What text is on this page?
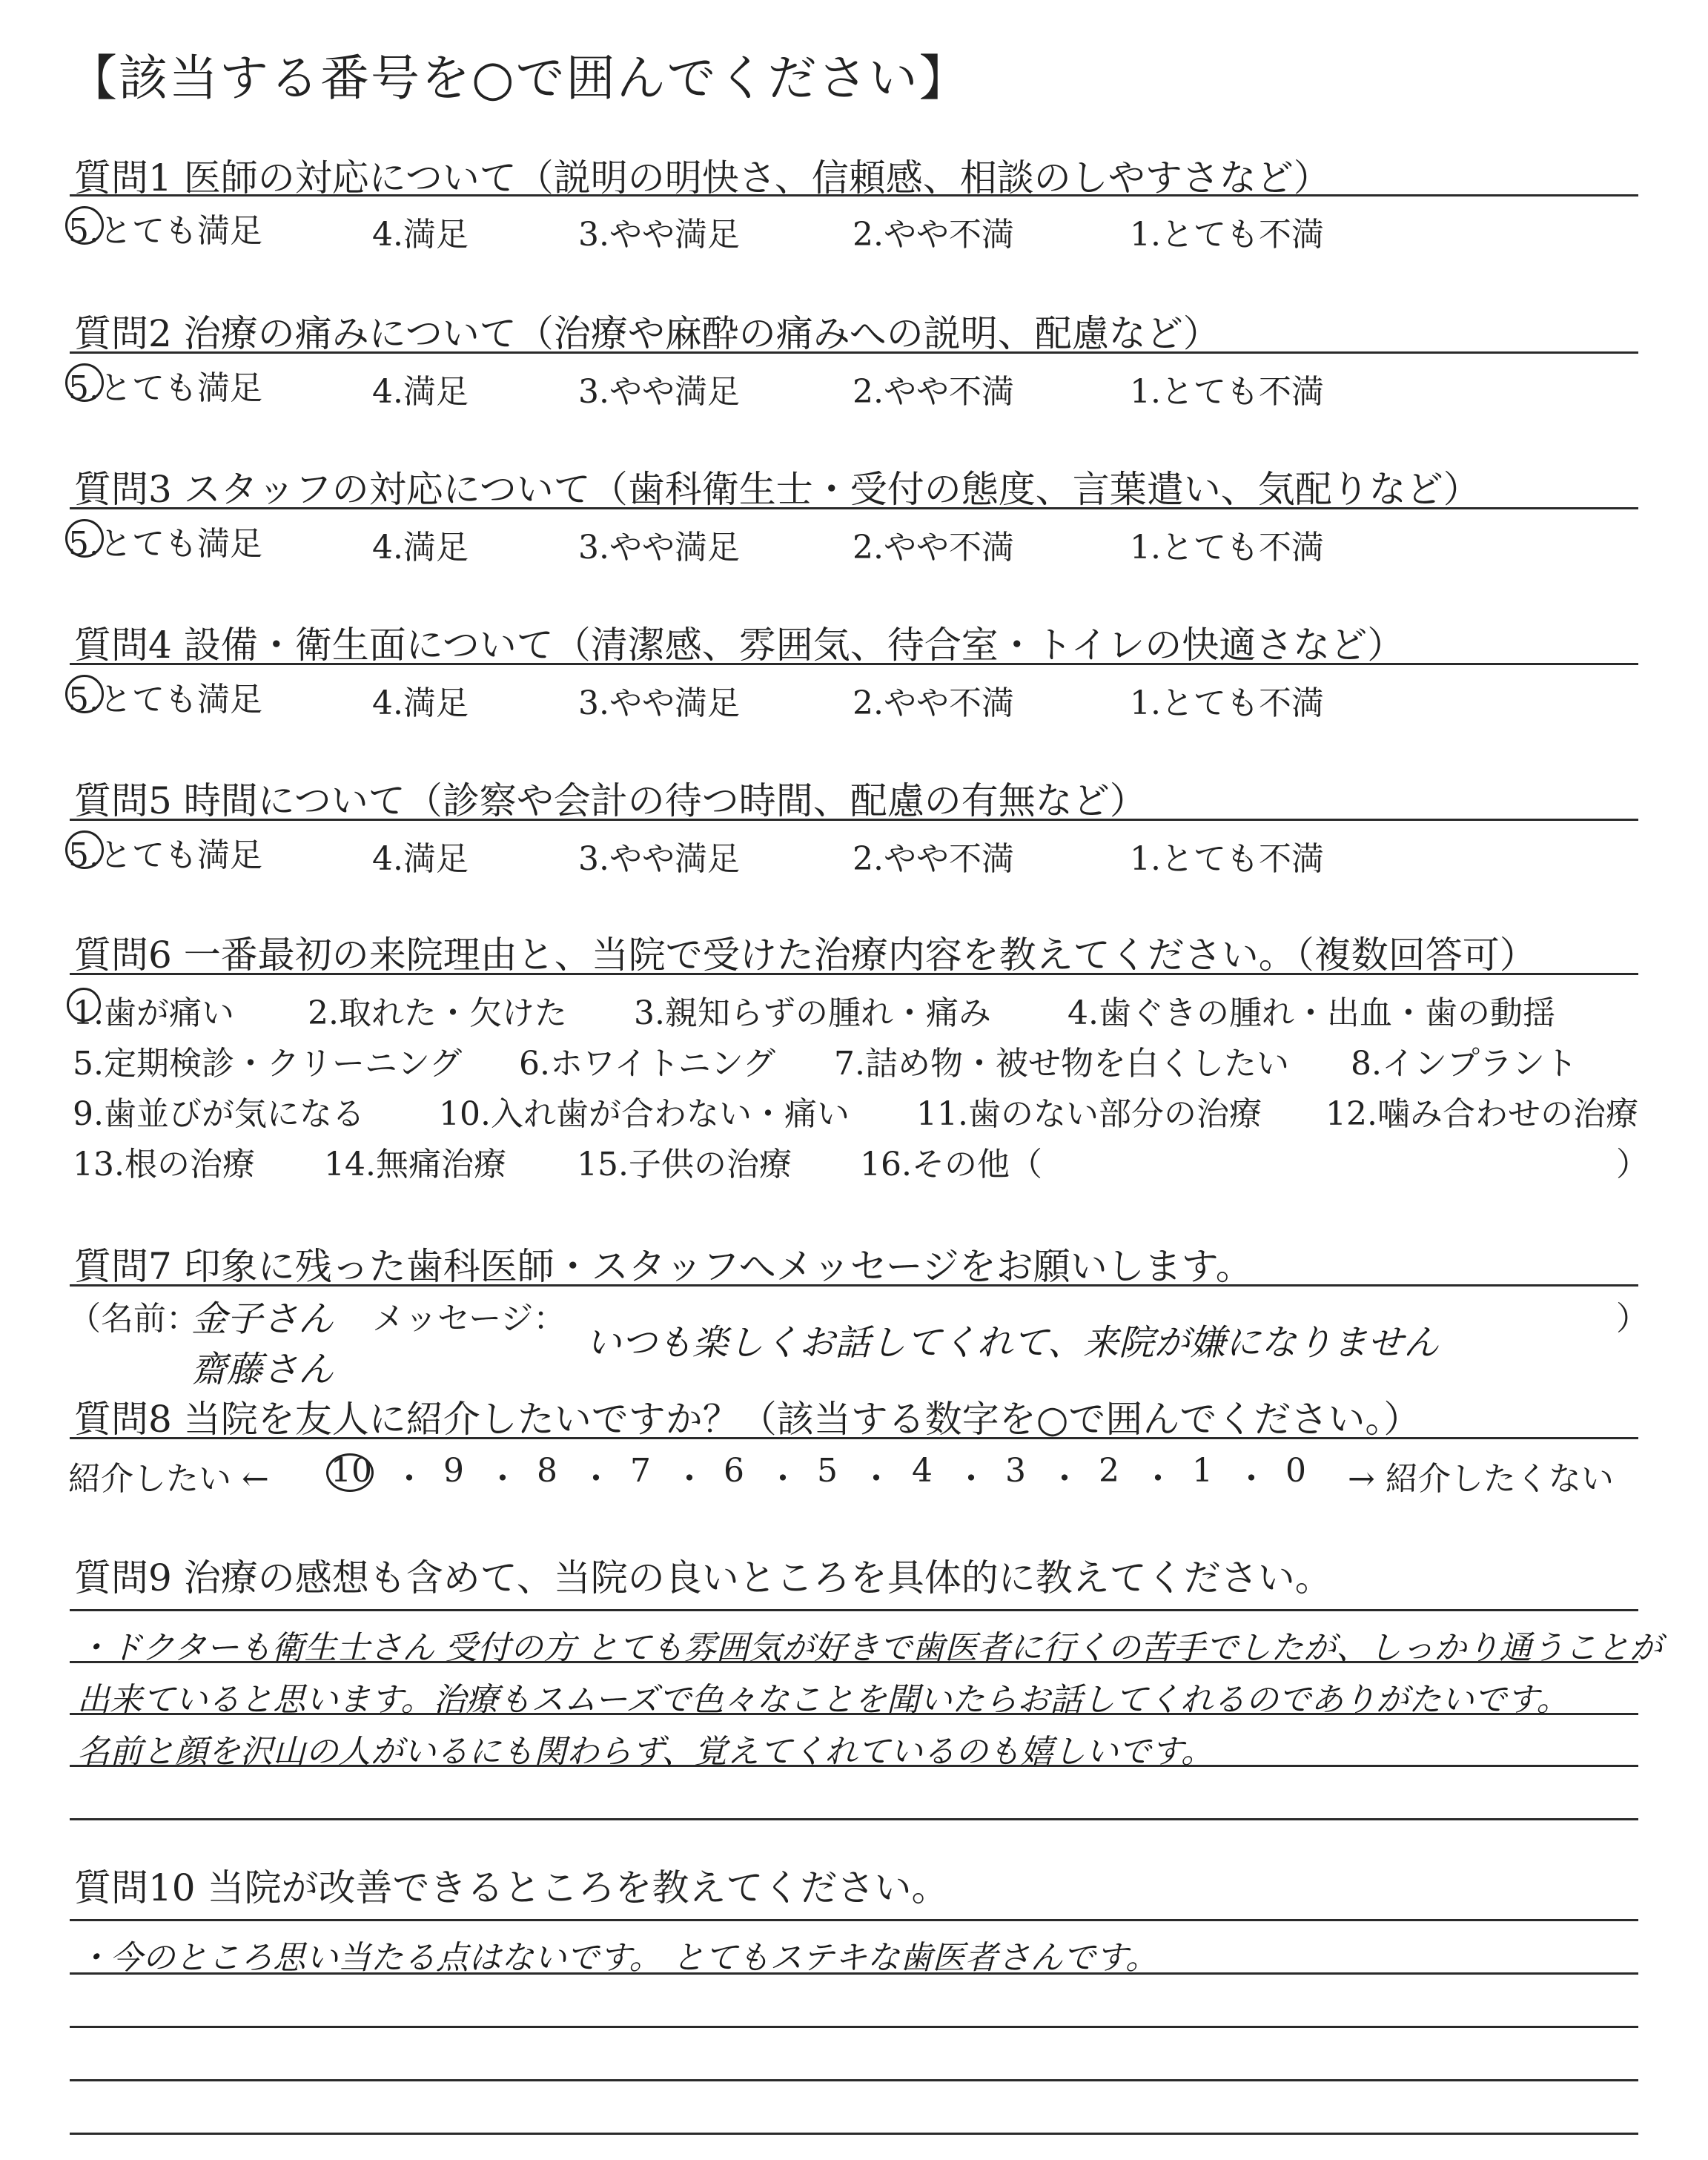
【該当する番号を○で囲んでください】
質問1 医師の対応について（説明の明快さ、信頼感、相談のしやすさなど）
5.とても満足	4.満足	3.やや満足	2.やや不満	1.とても不満
質問2 治療の痛みについて（治療や麻酔の痛みへの説明、配慮など）
5.とても満足	4.満足	3.やや満足	2.やや不満	1.とても不満
質問3 スタッフの対応について（歯科衛生士・受付の態度、言葉遣い、気配りなど）
5.とても満足	4.満足	3.やや満足	2.やや不満	1.とても不満
質問4 設備・衛生面について（清潔感、雰囲気、待合室・トイレの快適さなど）
5.とても満足	4.満足	3.やや満足	2.やや不満	1.とても不満
質問5 時間について（診察や会計の待つ時間、配慮の有無など）
5.とても満足	4.満足	3.やや満足	2.やや不満	1.とても不満
質問6 一番最初の来院理由と、当院で受けた治療内容を教えてください。（複数回答可）
1.歯が痛い 2.取れた・欠けた 3.親知らずの腫れ・痛み 4.歯ぐきの腫れ・出血・歯の動揺
5.定期検診・クリーニング 6.ホワイトニング 7.詰め物・被せ物を白くしたい 8.インプラント
9.歯並びが気になる 10.入れ歯が合わない・痛い 11.歯のない部分の治療 12.噛み合わせの治療
13.根の治療 14.無痛治療 15.子供の治療 16.その他（	）
質問7 印象に残った歯科医師・スタッフへメッセージをお願いします。
（名前：
金子さん
齋藤さん
メッセージ：
いつも楽しくお話してくれて、来院が嫌になりません
）
質問8 当院を友人に紹介したいですか？（該当する数字を○で囲んでください。）
紹介したい ← 10 ・ 9 ・ 8 ・ 7 ・ 6 ・ 5 ・ 4 ・ 3 ・ 2 ・ 1 ・ 0 → 紹介したくない
質問9 治療の感想も含めて、当院の良いところを具体的に教えてください。
・ドクターも衛生士さん 受付の方 とても雰囲気が好きで歯医者に行くの苦手でしたが、しっかり通うことが
出来ていると思います。治療もスムーズで色々なことを聞いたらお話してくれるのでありがたいです。
名前と顔を沢山の人がいるにも関わらず、覚えてくれているのも嬉しいです。
質問10 当院が改善できるところを教えてください。
・今のところ思い当たる点はないです。 とてもステキな歯医者さんです。
